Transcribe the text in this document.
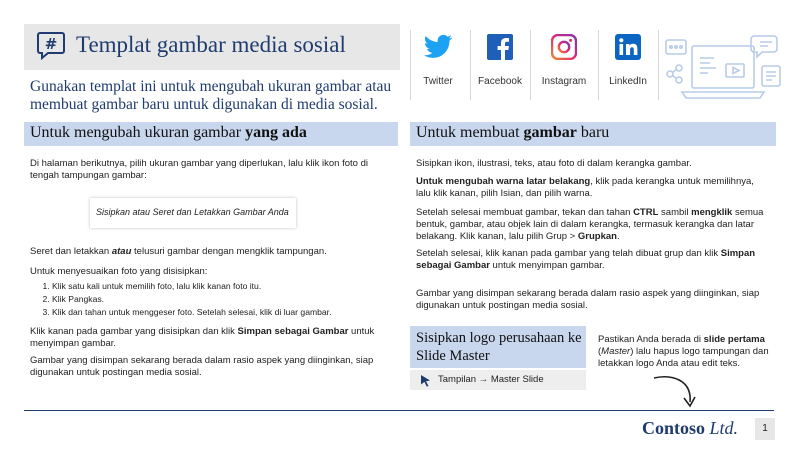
# Templat gambar media sosial
Gunakan templat ini untuk mengubah ukuran gambar atau membuat gambar baru untuk digunakan di media sosial.
Twitter	Facebook	Instagram	LinkedIn
Untuk mengubah ukuran gambar yang ada
Di halaman berikutnya, pilih ukuran gambar yang diperlukan, lalu klik ikon foto di tengah tampungan gambar:
Sisipkan atau Seret dan Letakkan Gambar Anda
Seret dan letakkan atau telusuri gambar dengan mengklik tampungan.
Untuk menyesuaikan foto yang disisipkan:
1. Klik satu kali untuk memilih foto, lalu klik kanan foto itu.
2. Klik Pangkas.
3. Klik dan tahan untuk menggeser foto. Setelah selesai, klik di luar gambar.
Klik kanan pada gambar yang disisipkan dan klik Simpan sebagai Gambar untuk menyimpan gambar.
Gambar yang disimpan sekarang berada dalam rasio aspek yang diinginkan, siap digunakan untuk postingan media sosial.
Untuk membuat gambar baru
Sisipkan ikon, ilustrasi, teks, atau foto di dalam kerangka gambar.
Untuk mengubah warna latar belakang, klik pada kerangka untuk memilihnya, lalu klik kanan, pilih Isian, dan pilih warna.
Setelah selesai membuat gambar, tekan dan tahan CTRL sambil mengklik semua bentuk, gambar, atau objek lain di dalam kerangka, termasuk kerangka dan latar belakang. Klik kanan, lalu pilih Grup > Grupkan.
Setelah selesai, klik kanan pada gambar yang telah dibuat grup dan klik Simpan sebagai Gambar untuk menyimpan gambar.
Gambar yang disimpan sekarang berada dalam rasio aspek yang diinginkan, siap digunakan untuk postingan media sosial.
Sisipkan logo perusahaan ke Slide Master
Tampilan → Master Slide
Pastikan Anda berada di slide pertama (Master) lalu hapus logo tampungan dan letakkan logo Anda atau edit teks.
Contoso Ltd.	1
